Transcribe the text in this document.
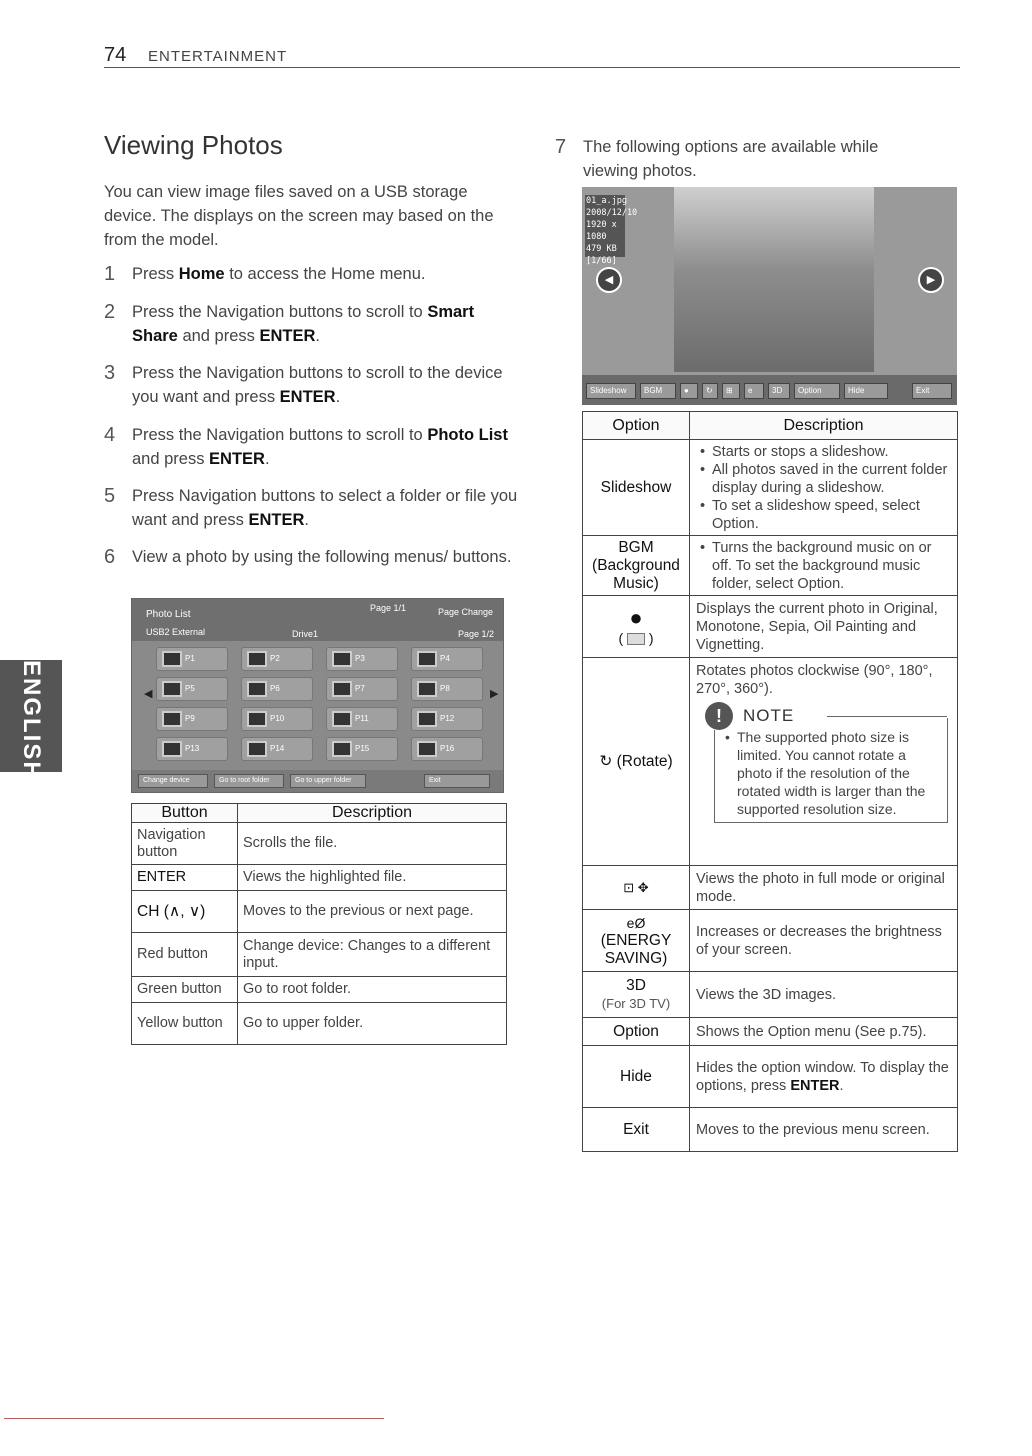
74 ENTERTAINMENT
ENGLISH
Viewing Photos

You can view image files saved on a USB storage device. The displays on the screen may based on the from the model.

1 Press Home to access the Home menu.
2 Press the Navigation buttons to scroll to Smart Share and press ENTER.
3 Press the Navigation buttons to scroll to the device you want and press ENTER.
4 Press the Navigation buttons to scroll to Photo List and press ENTER.
5 Press Navigation buttons to select a folder or file you want and press ENTER.
6 View a photo by using the following menus/ buttons.
Photo List
USB2 External	Drive1
Page 1/1	Page Change
Page 1/2
◀	▶
P1	P2	P3	P4
P5	P6	P7	P8
P9	P10	P11	P12
P13	P14	P15	P16
Change device	Go to root folder	Go to upper folder	Exit
Button	Description
Navigation button	Scrolls the file.
ENTER	Views the highlighted file.
CH (∧, ∨)	Moves to the previous or next page.
Red button	Change device: Changes to a different input.
Green button	Go to root folder.
Yellow button	Go to upper folder.
7 The following options are available while viewing photos.
01_a.jpg
2008/12/10
1920 x 1080
479 KB
[1/66]
◀	▶
Slideshow	BGM	●	↻	⊞	e	3D	Option	Hide	Exit
Option	Description
Slideshow	• Starts or stops a slideshow.
• All photos saved in the current folder display during a slideshow.
• To set a slideshow speed, select Option.

BGM (Background Music)	• Turns the background music on or off. To set the background music folder, select Option.

●
( )	Displays the current photo in Original, Monotone, Sepia, Oil Painting and Vignetting.
↻ (Rotate)	Rotates photos clockwise (90°, 180°, 270°, 360°).
! NOTE
• The supported photo size is limited. You cannot rotate a photo if the resolution of the rotated width is larger than the supported resolution size.

⊡ ✥	Views the photo in full mode or original mode.

eØ
(ENERGY SAVING)	Increases or decreases the brightness of your screen.

3D
(For 3D TV)	Views the 3D images.
Option	Shows the Option menu (See p.75).
Hide	Hides the option window. To display the options, press ENTER.
Exit	Moves to the previous menu screen.
